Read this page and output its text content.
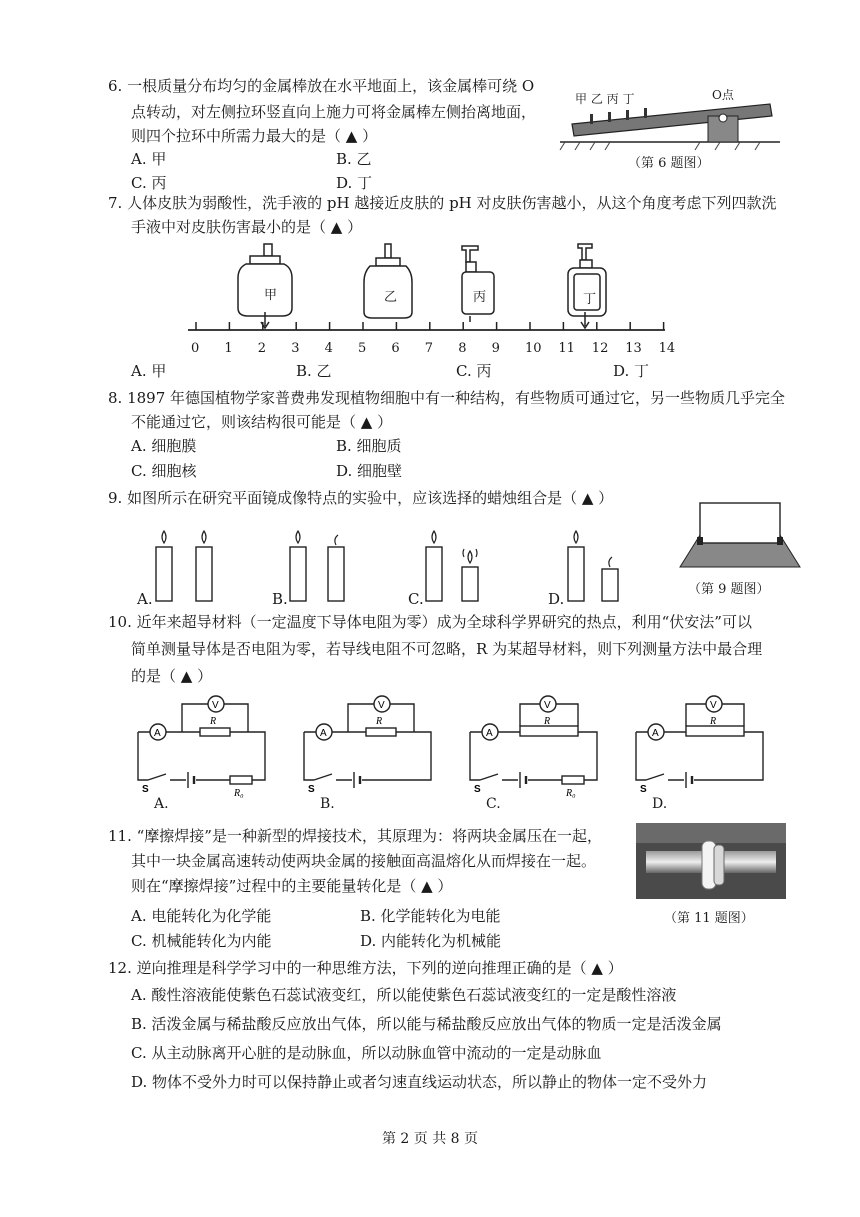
6. 一根质量分布均匀的金属棒放在水平地面上，该金属棒可绕 O
点转动，对左侧拉环竖直向上施力可将金属棒左侧抬离地面，
则四个拉环中所需力最大的是（ ▲ ）
A. 甲	B. 乙
C. 丙	D. 丁
甲 乙 丙 丁	O点
（第 6 题图）
7. 人体皮肤为弱酸性，洗手液的 pH 越接近皮肤的 pH 对皮肤伤害越小，从这个角度考虑下列四款洗
手液中对皮肤伤害最小的是（ ▲ ）
甲	乙	丙	丁
0 1 2 3 4 5 6 7 8 9 10 11 12 13 14
A. 甲	B. 乙	C. 丙	D. 丁
8. 1897 年德国植物学家普费弗发现植物细胞中有一种结构，有些物质可通过它，另一些物质几乎完全
不能通过它，则该结构很可能是（ ▲ ）
A. 细胞膜	B. 细胞质
C. 细胞核	D. 细胞壁
9. 如图所示在研究平面镜成像特点的实验中，应该选择的蜡烛组合是（ ▲ ）
A.	B.	C.	D.
（第 9 题图）
10. 近年来超导材料（一定温度下导体电阻为零）成为全球科学界研究的热点，利用“伏安法”可以
简单测量导体是否电阻为零，若导线电阻不可忽略，R 为某超导材料，则下列测量方法中最合理
的是（ ▲ ）
A
R
V
S	R₀
A.
A
R
V
S
B.
A
R
V
S	R₀
C.
A
R
V
S
D.
11. “摩擦焊接”是一种新型的焊接技术，其原理为：将两块金属压在一起，
其中一块金属高速转动使两块金属的接触面高温熔化从而焊接在一起。
则在“摩擦焊接”过程中的主要能量转化是（ ▲ ）
A. 电能转化为化学能	B. 化学能转化为电能
C. 机械能转化为内能	D. 内能转化为机械能
（第 11 题图）
12. 逆向推理是科学学习中的一种思维方法，下列的逆向推理正确的是（ ▲ ）
A. 酸性溶液能使紫色石蕊试液变红，所以能使紫色石蕊试液变红的一定是酸性溶液
B. 活泼金属与稀盐酸反应放出气体，所以能与稀盐酸反应放出气体的物质一定是活泼金属
C. 从主动脉离开心脏的是动脉血，所以动脉血管中流动的一定是动脉血
D. 物体不受外力时可以保持静止或者匀速直线运动状态，所以静止的物体一定不受外力
第 2 页 共 8 页
